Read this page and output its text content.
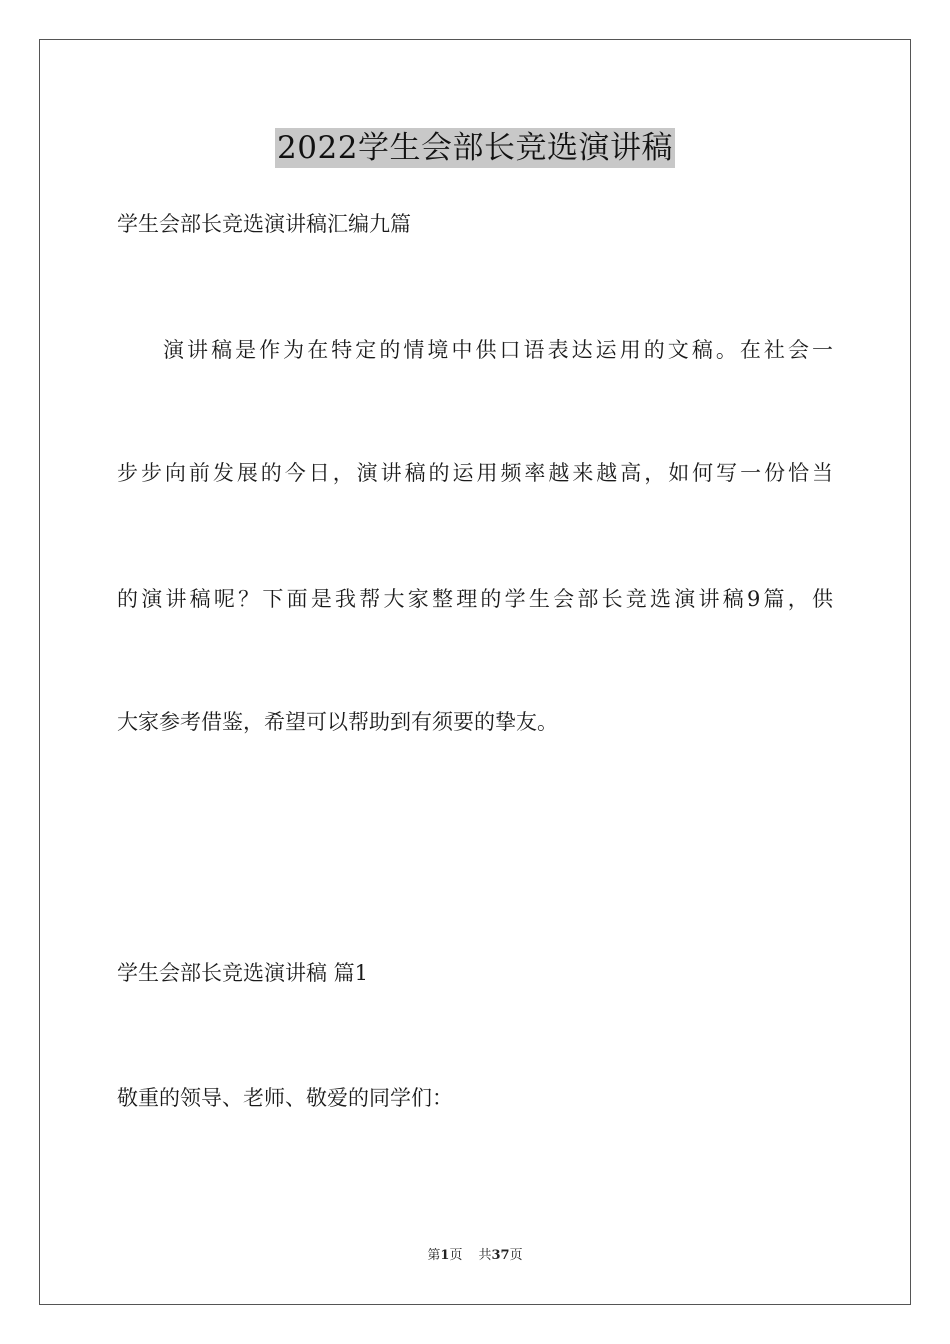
2022学生会部长竞选演讲稿
学生会部长竞选演讲稿汇编九篇
演讲稿是作为在特定的情境中供口语表达运用的文稿。在社会一
步步向前发展的今日，演讲稿的运用频率越来越高，如何写一份恰当
的演讲稿呢？下面是我帮大家整理的学生会部长竞选演讲稿9篇，供
大家参考借鉴，希望可以帮助到有须要的挚友。
学生会部长竞选演讲稿 篇1
敬重的领导、老师、敬爱的同学们：
第1页 共37页
